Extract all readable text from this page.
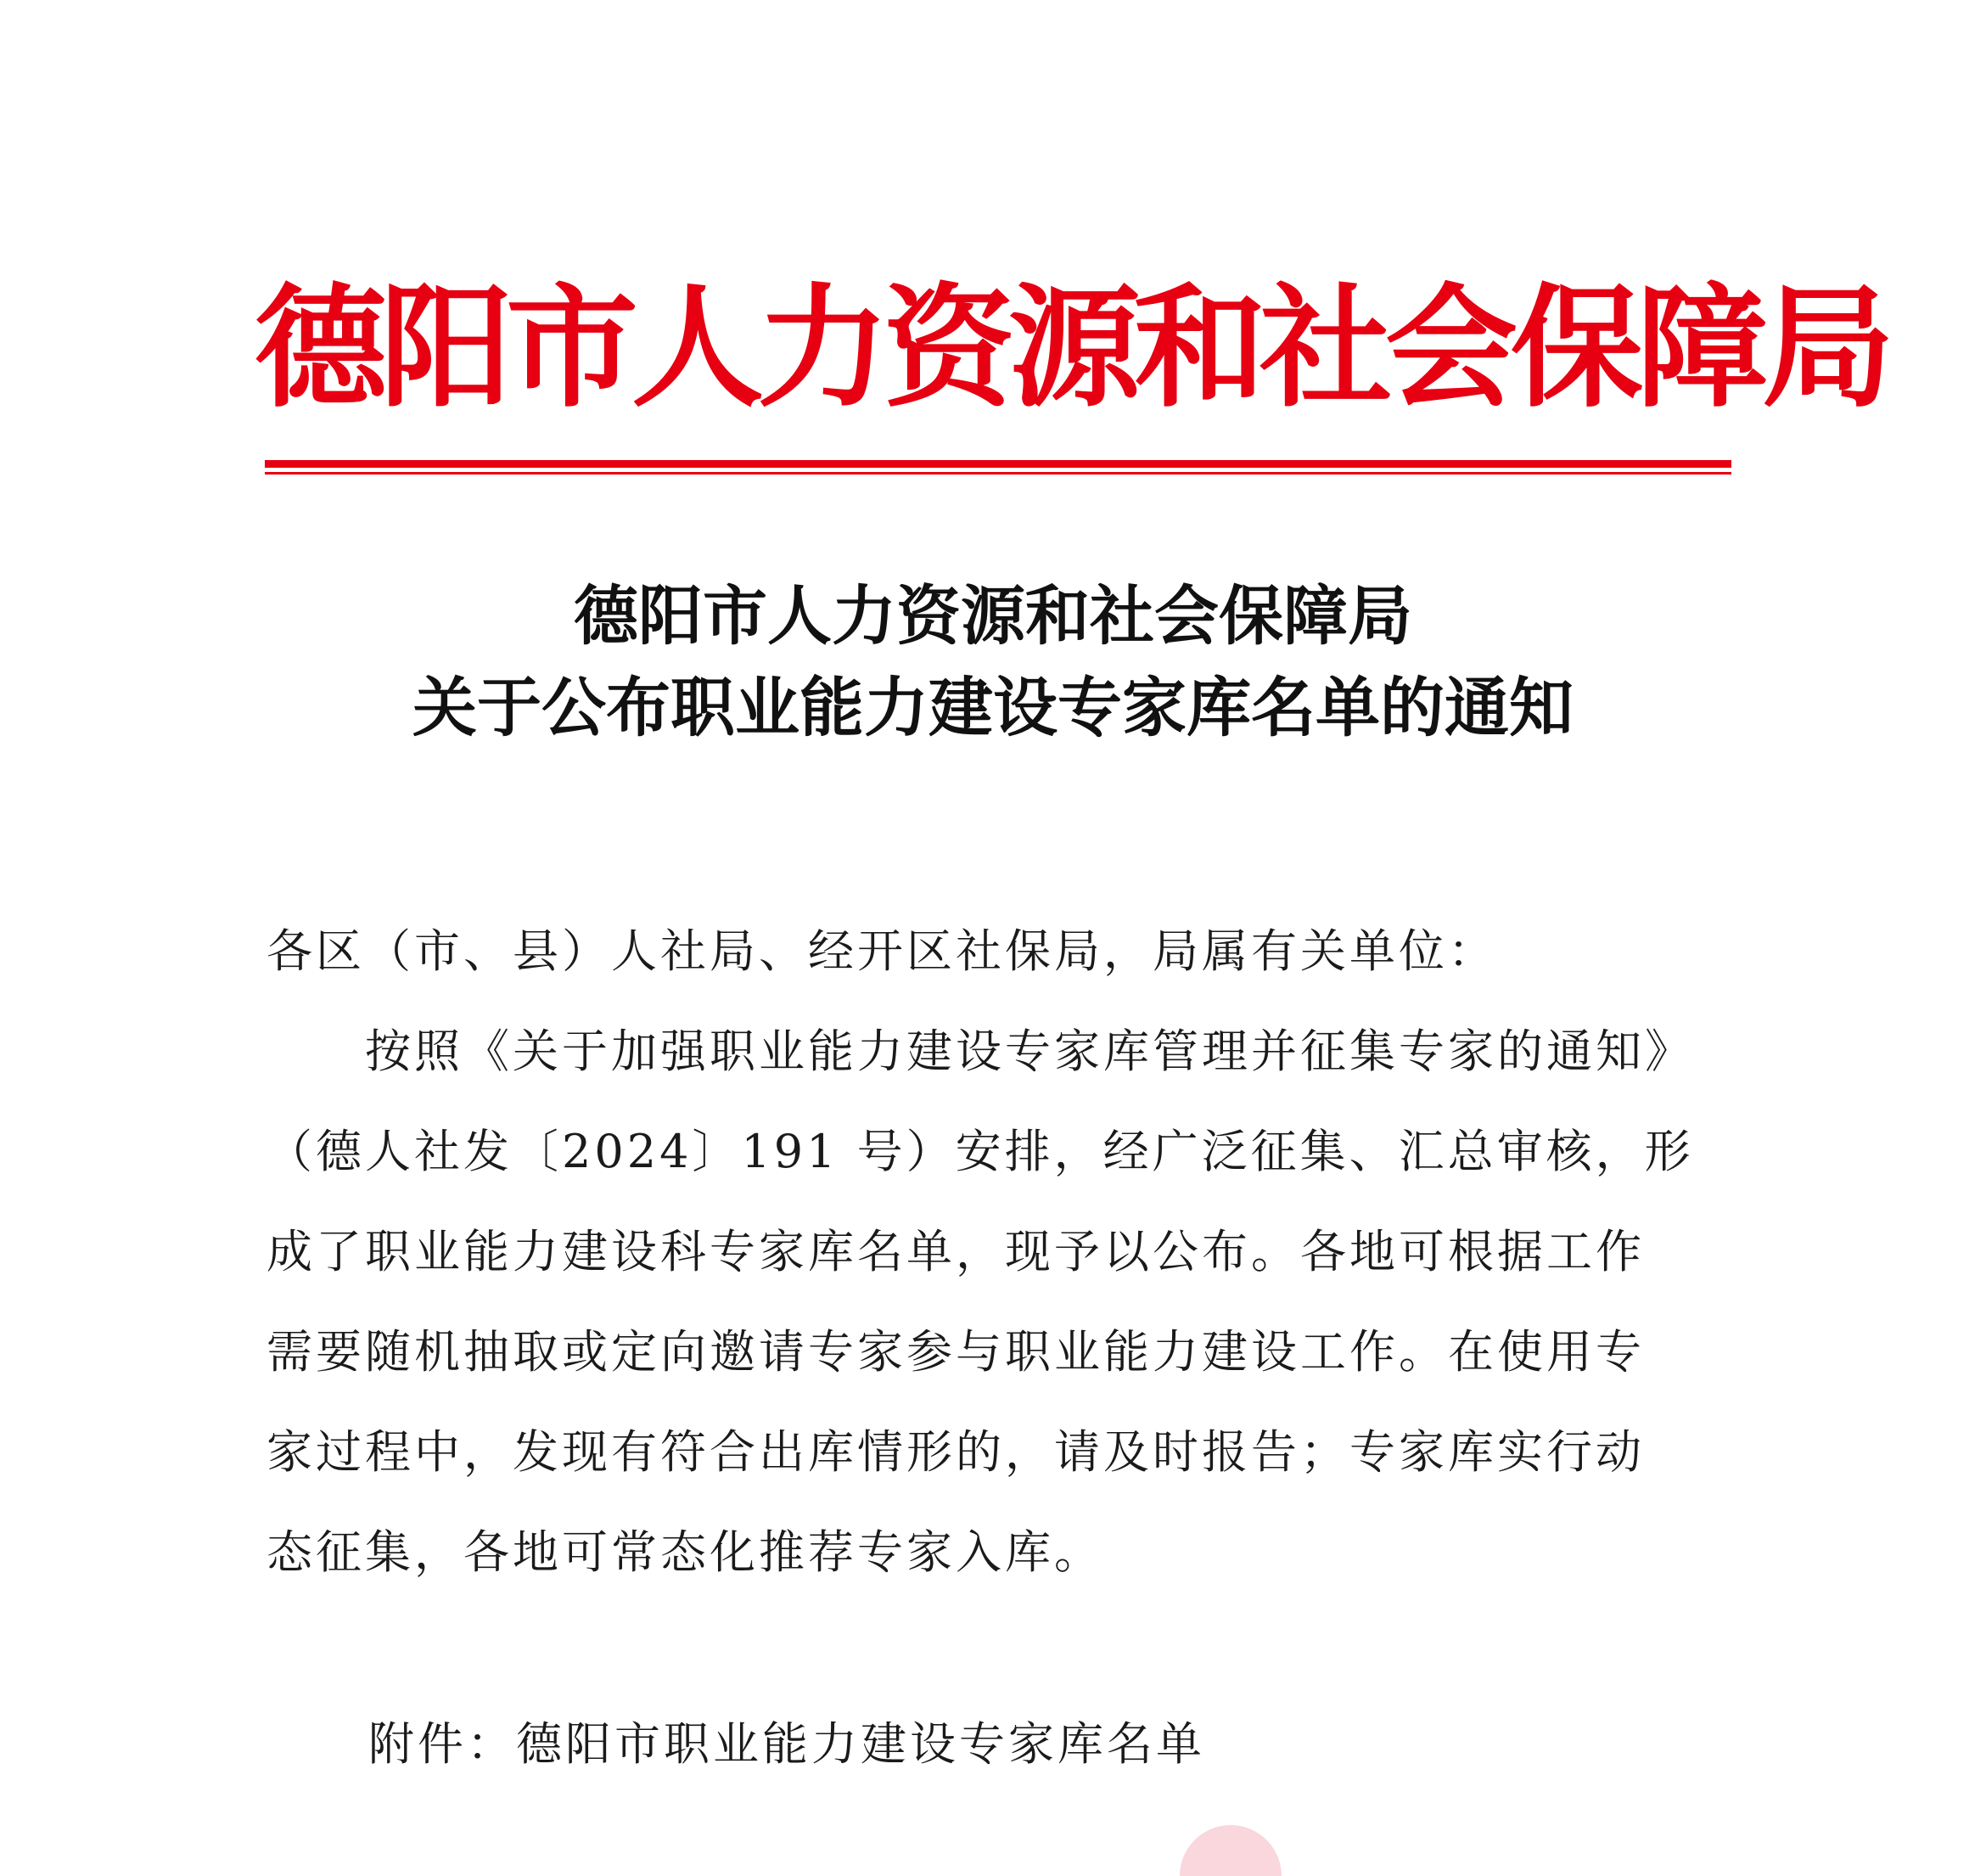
德阳市人力资源和社会保障局
德阳市人力资源和社会保障局
关于公布职业能力建设专家库名单的通知
各区（市、县）人社局、经开区社保局，局属有关单位：
　　按照《关于加强职业能力建设专家库管理并征集专家的通知》
（德人社发〔2024〕191 号）安排，经广泛征集、汇总审核，形
成了职业能力建设科专家库名单，现予以公布。各地可根据工作
需要随机抽取或定向邀请专家参与职业能力建设工作。在使用专
家过程中，发现有符合出库情形的，请及时报告；专家库实行动
态征集，各地可常态化推荐专家入库。
附件：德阳市职业能力建设专家库名单
